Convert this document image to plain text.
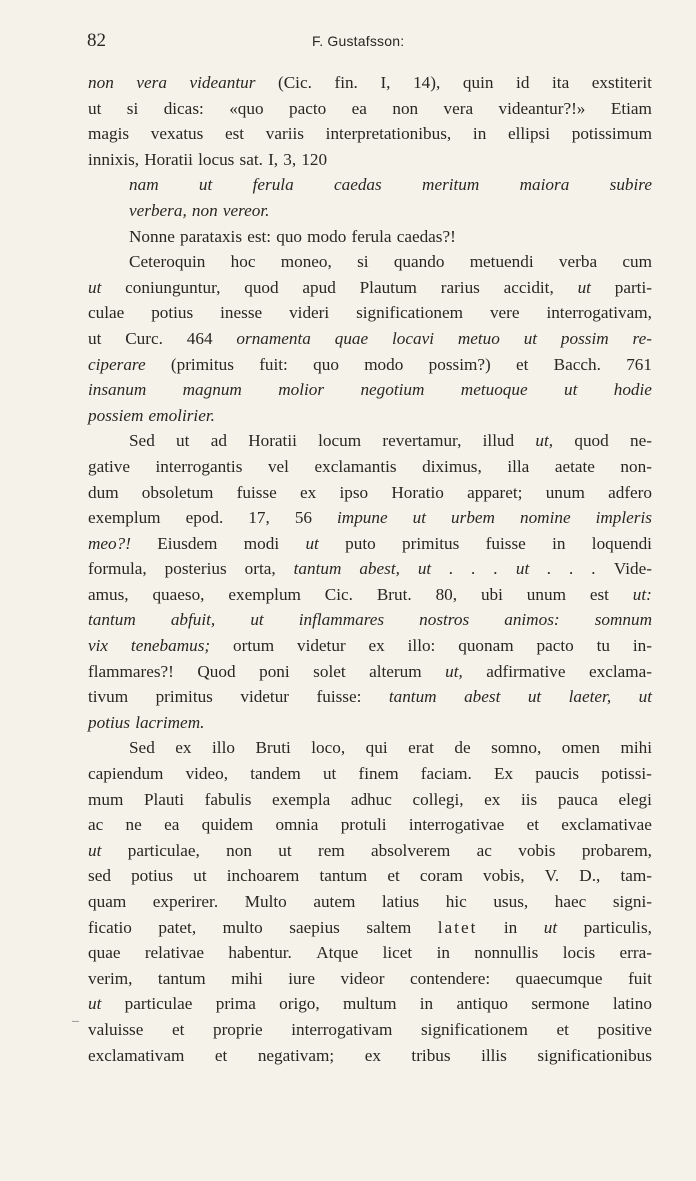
82	F. Gustafsson:
non vera videantur (Cic. fin. I, 14), quin id ita exstiterit
ut si dicas: «quo pacto ea non vera videantur?!» Etiam
magis vexatus est variis interpretationibus, in ellipsi potissimum
innixis, Horatii locus sat. I, 3, 120
nam ut ferula caedas meritum maiora subire
verbera, non vereor.
Nonne parataxis est: quo modo ferula caedas?!
Ceteroquin hoc moneo, si quando metuendi verba cum
ut coniunguntur, quod apud Plautum rarius accidit, ut parti-
culae potius inesse videri significationem vere interrogativam,
ut Curc. 464 ornamenta quae locavi metuo ut possim re-
ciperare (primitus fuit: quo modo possim?) et Bacch. 761
insanum magnum molior negotium metuoque ut hodie
possiem emolirier.
Sed ut ad Horatii locum revertamur, illud ut, quod ne-
gative interrogantis vel exclamantis diximus, illa aetate non-
dum obsoletum fuisse ex ipso Horatio apparet; unum adfero
exemplum epod. 17, 56 impune ut urbem nomine impleris
meo?! Eiusdem modi ut puto primitus fuisse in loquendi
formula, posterius orta, tantum abest, ut . . . ut . . . Vide-
amus, quaeso, exemplum Cic. Brut. 80, ubi unum est ut:
tantum abfuit, ut inflammares nostros animos: somnum
vix tenebamus; ortum videtur ex illo: quonam pacto tu in-
flammares?! Quod poni solet alterum ut, adfirmative exclama-
tivum primitus videtur fuisse: tantum abest ut laeter, ut
potius lacrimem.
Sed ex illo Bruti loco, qui erat de somno, omen mihi
capiendum video, tandem ut finem faciam. Ex paucis potissi-
mum Plauti fabulis exempla adhuc collegi, ex iis pauca elegi
ac ne ea quidem omnia protuli interrogativae et exclamativae
ut particulae, non ut rem absolverem ac vobis probarem,
sed potius ut inchoarem tantum et coram vobis, V. D., tam-
quam experirer. Multo autem latius hic usus, haec signi-
ficatio patet, multo saepius saltem latet in ut particulis,
quae relativae habentur. Atque licet in nonnullis locis erra-
verim, tantum mihi iure videor contendere: quaecumque fuit
ut particulae prima origo, multum in antiquo sermone latino
valuisse et proprie interrogativam significationem et positive
exclamativam et negativam; ex tribus illis significationibus
_
